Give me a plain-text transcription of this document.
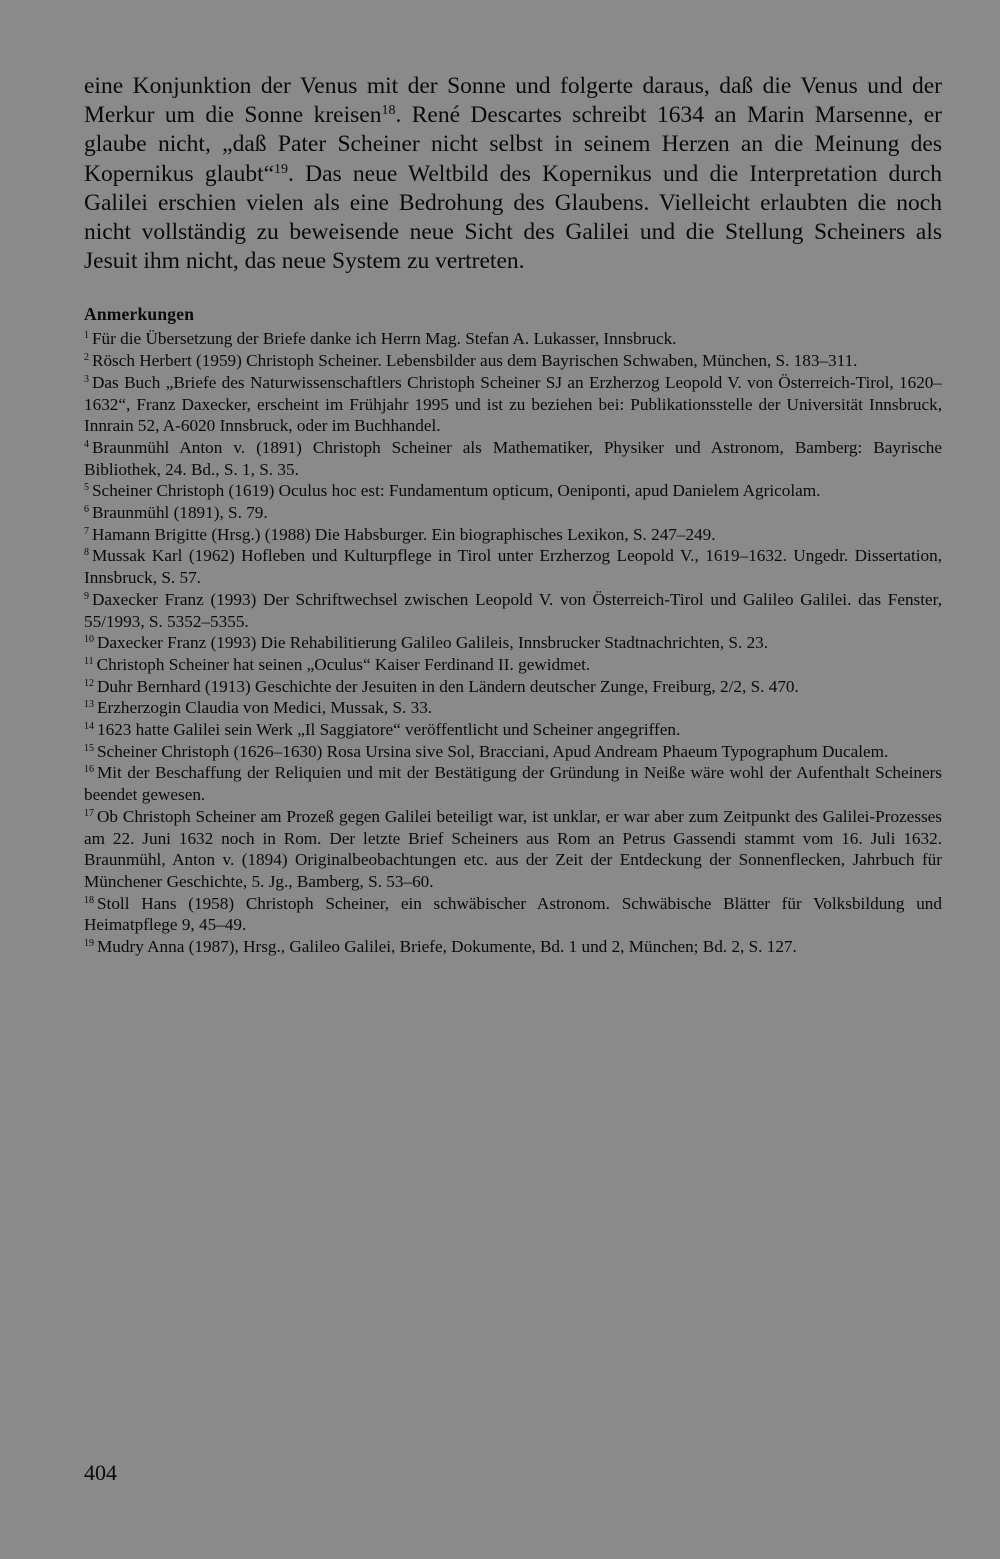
eine Konjunktion der Venus mit der Sonne und folgerte daraus, daß die Venus und der Merkur um die Sonne kreisen$^{18}$. René Descartes schreibt 1634 an Marin Marsenne, er glaube nicht, „daß Pater Scheiner nicht selbst in seinem Herzen an die Meinung des Kopernikus glaubt“$^{19}$. Das neue Weltbild des Kopernikus und die Interpretation durch Galilei erschien vielen als eine Bedrohung des Glaubens. Vielleicht erlaubten die noch nicht vollständig zu beweisende neue Sicht des Galilei und die Stellung Scheiners als Jesuit ihm nicht, das neue System zu vertreten.

Anmerkungen
$^1$ Für die Übersetzung der Briefe danke ich Herrn Mag. Stefan A. Lukasser, Innsbruck.
$^2$ Rösch Herbert (1959) Christoph Scheiner. Lebensbilder aus dem Bayrischen Schwaben, München, S. 183–311.
$^3$ Das Buch „Briefe des Naturwissenschaftlers Christoph Scheiner SJ an Erzherzog Leopold V. von Österreich-Tirol, 1620–1632“, Franz Daxecker, erscheint im Frühjahr 1995 und ist zu beziehen bei: Publikationsstelle der Universität Innsbruck, Innrain 52, A-6020 Innsbruck, oder im Buchhandel.
$^4$ Braunmühl Anton v. (1891) Christoph Scheiner als Mathematiker, Physiker und Astronom, Bamberg: Bayrische Bibliothek, 24. Bd., S. 1, S. 35.
$^5$ Scheiner Christoph (1619) Oculus hoc est: Fundamentum opticum, Oeniponti, apud Danielem Agricolam.
$^6$ Braunmühl (1891), S. 79.
$^7$ Hamann Brigitte (Hrsg.) (1988) Die Habsburger. Ein biographisches Lexikon, S. 247–249.
$^8$ Mussak Karl (1962) Hofleben und Kulturpflege in Tirol unter Erzherzog Leopold V., 1619–1632. Ungedr. Dissertation, Innsbruck, S. 57.
$^9$ Daxecker Franz (1993) Der Schriftwechsel zwischen Leopold V. von Österreich-Tirol und Galileo Galilei. das Fenster, 55/1993, S. 5352–5355.
$^{10}$ Daxecker Franz (1993) Die Rehabilitierung Galileo Galileis, Innsbrucker Stadtnachrichten, S. 23.
$^{11}$ Christoph Scheiner hat seinen „Oculus“ Kaiser Ferdinand II. gewidmet.
$^{12}$ Duhr Bernhard (1913) Geschichte der Jesuiten in den Ländern deutscher Zunge, Freiburg, 2/2, S. 470.
$^{13}$ Erzherzogin Claudia von Medici, Mussak, S. 33.
$^{14}$ 1623 hatte Galilei sein Werk „Il Saggiatore“ veröffentlicht und Scheiner angegriffen.
$^{15}$ Scheiner Christoph (1626–1630) Rosa Ursina sive Sol, Bracciani, Apud Andream Phaeum Typographum Ducalem.
$^{16}$ Mit der Beschaffung der Reliquien und mit der Bestätigung der Gründung in Neiße wäre wohl der Aufenthalt Scheiners beendet gewesen.
$^{17}$ Ob Christoph Scheiner am Prozeß gegen Galilei beteiligt war, ist unklar, er war aber zum Zeitpunkt des Galilei-Prozesses am 22. Juni 1632 noch in Rom. Der letzte Brief Scheiners aus Rom an Petrus Gassendi stammt vom 16. Juli 1632. Braunmühl, Anton v. (1894) Originalbeobachtungen etc. aus der Zeit der Entdeckung der Sonnenflecken, Jahrbuch für Münchener Geschichte, 5. Jg., Bamberg, S. 53–60.
$^{18}$ Stoll Hans (1958) Christoph Scheiner, ein schwäbischer Astronom. Schwäbische Blätter für Volksbildung und Heimatpflege 9, 45–49.
$^{19}$ Mudry Anna (1987), Hrsg., Galileo Galilei, Briefe, Dokumente, Bd. 1 und 2, München; Bd. 2, S. 127.
404
